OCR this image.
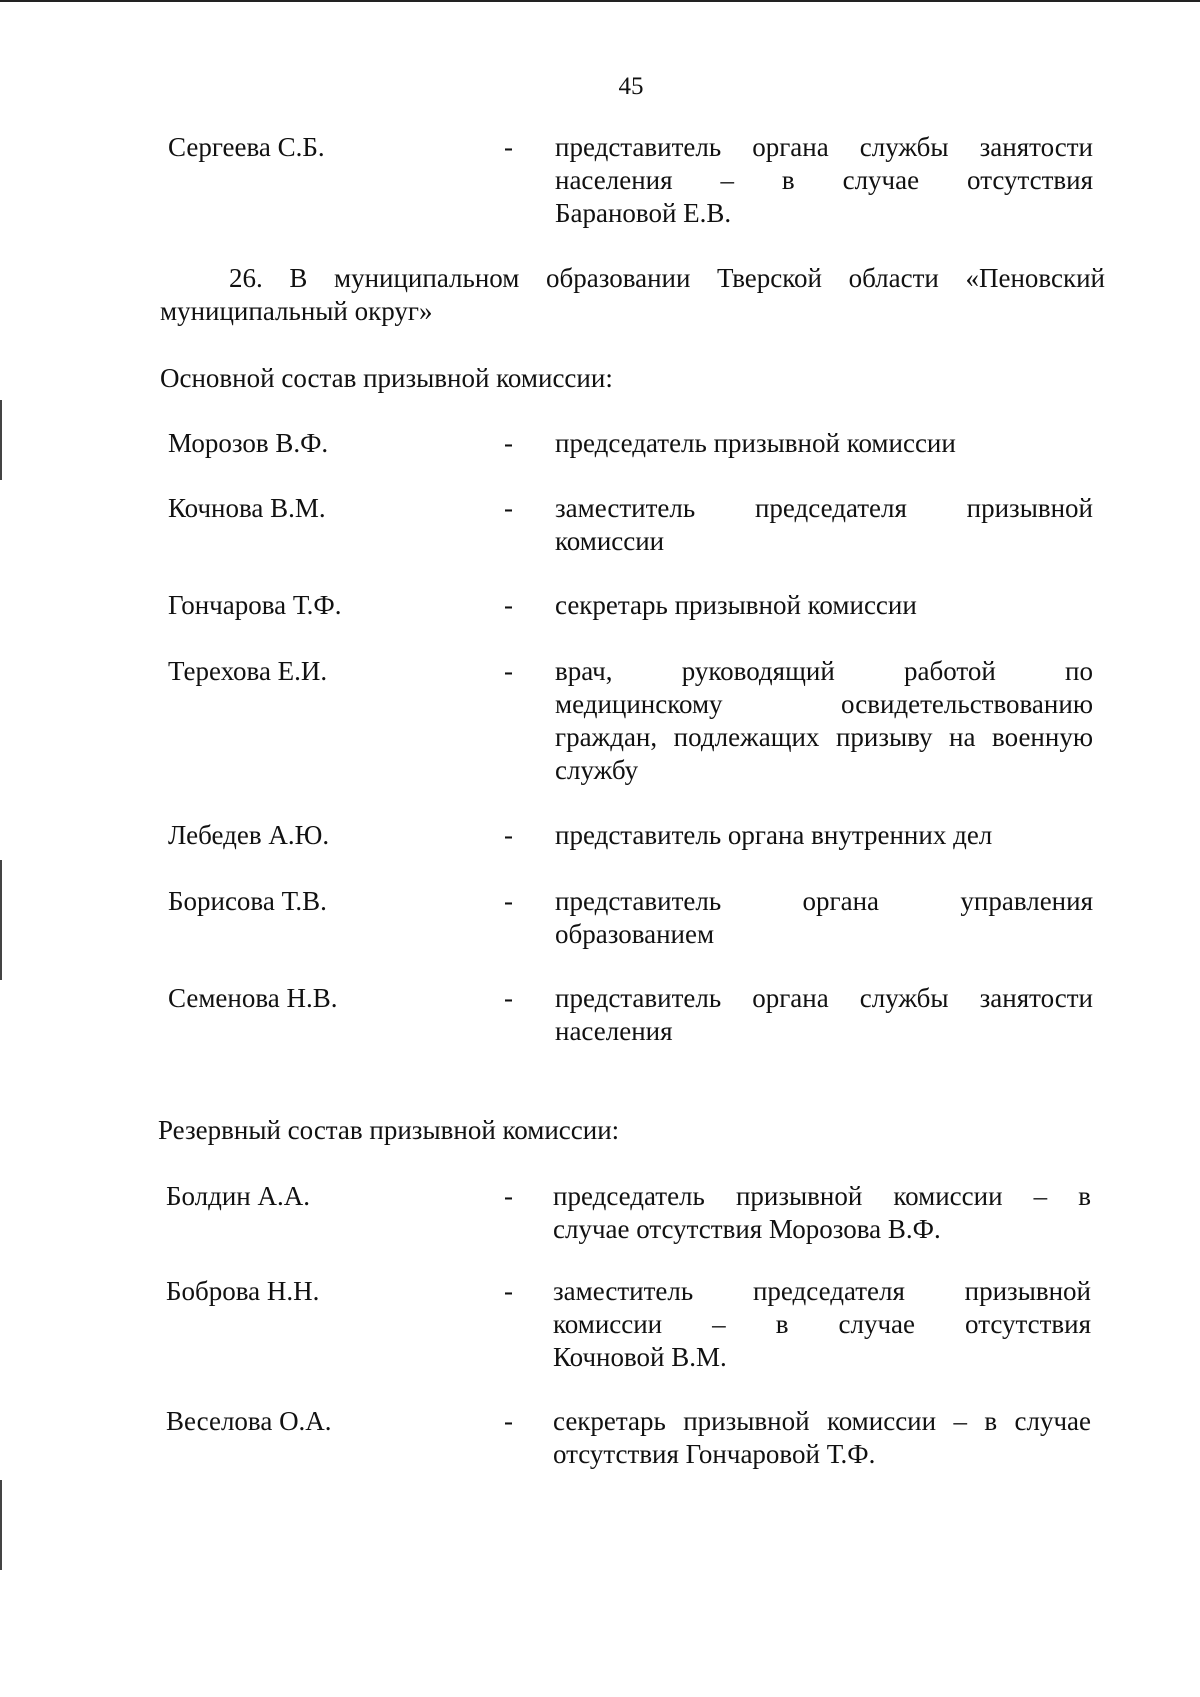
45
Сергеева С.Б.	- представитель органа службы занятости
населения – в случае отсутствия
Барановой Е.В.
26. В муниципальном образовании Тверской области «Пеновский
муниципальный округ»
Основной состав призывной комиссии:
Морозов В.Ф.	- председатель призывной комиссии
Кочнова В.М.	- заместитель председателя призывной
комиссии
Гончарова Т.Ф.	- секретарь призывной комиссии
Терехова Е.И.	- врач, руководящий работой по
медицинскому освидетельствованию
граждан, подлежащих призыву на военную
службу
Лебедев А.Ю.	- представитель органа внутренних дел
Борисова Т.В.	- представитель органа управления
образованием
Семенова Н.В.	- представитель органа службы занятости
населения
Резервный состав призывной комиссии:
Болдин А.А.	- председатель призывной комиссии – в
случае отсутствия Морозова В.Ф.
Боброва Н.Н.	- заместитель председателя призывной
комиссии – в случае отсутствия
Кочновой В.М.
Веселова О.А.	- секретарь призывной комиссии – в случае
отсутствия Гончаровой Т.Ф.
